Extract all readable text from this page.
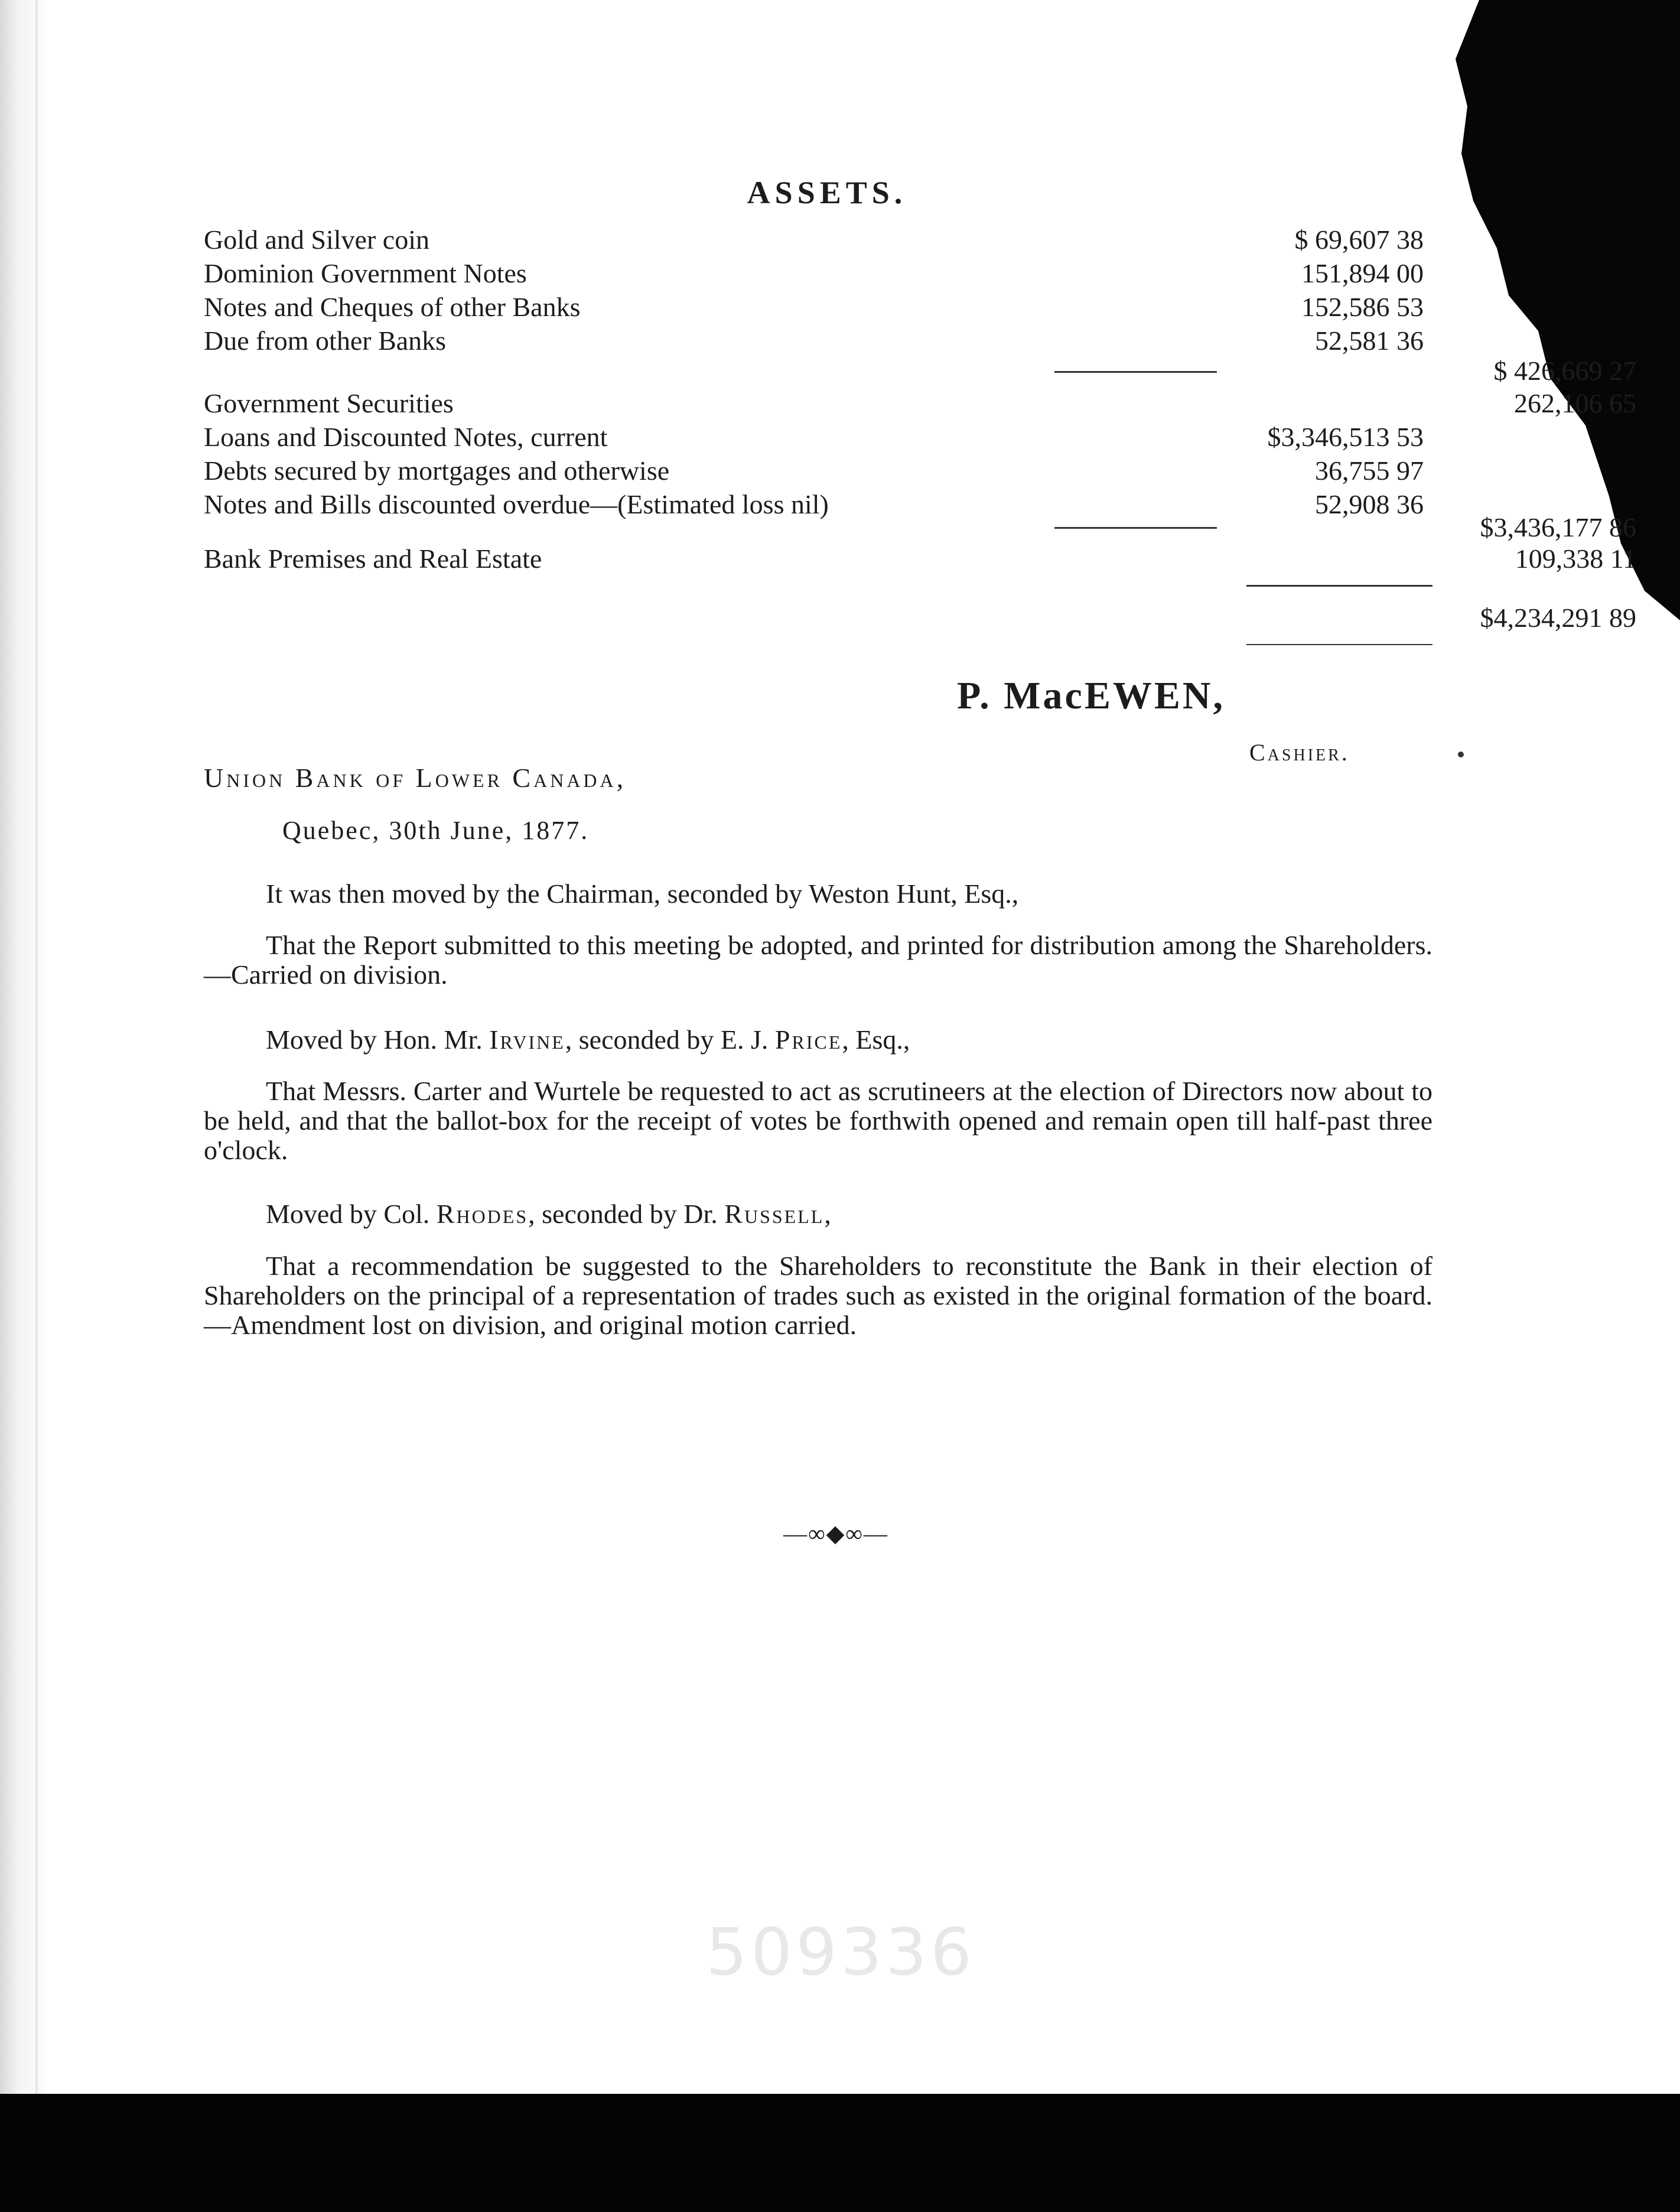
ASSETS.
Gold and Silver coin	$ 69,607 38
Dominion Government Notes	151,894 00
Notes and Cheques of other Banks	152,586 53
Due from other Banks	52,581 36
$ 426,669 27
Government Securities	262,106 65
Loans and Discounted Notes, current	$3,346,513 53
Debts secured by mortgages and otherwise	36,755 97
Notes and Bills discounted overdue—(Estimated loss nil)	52,908 36
$3,436,177 86
Bank Premises and Real Estate	109,338 11
$4,234,291 89
P. MacEWEN,
Cashier.
Union Bank of Lower Canada,
Quebec, 30th June, 1877.
It was then moved by the Chairman, seconded by Weston Hunt, Esq.,
That the Report submitted to this meeting be adopted, and printed for distribution among the Shareholders.—Carried on division.
Moved by Hon. Mr. Irvine, seconded by E. J. Price, Esq.,
That Messrs. Carter and Wurtele be requested to act as scrutineers at the election of Directors now about to be held, and that the ballot-box for the receipt of votes be forthwith opened and remain open till half-past three o'clock.
Moved by Col. Rhodes, seconded by Dr. Russell,
That a recommendation be suggested to the Shareholders to reconstitute the Bank in their election of Shareholders on the principal of a representation of trades such as existed in the original formation of the board.—Amendment lost on division, and original motion carried.
—∞◆∞—
509336
